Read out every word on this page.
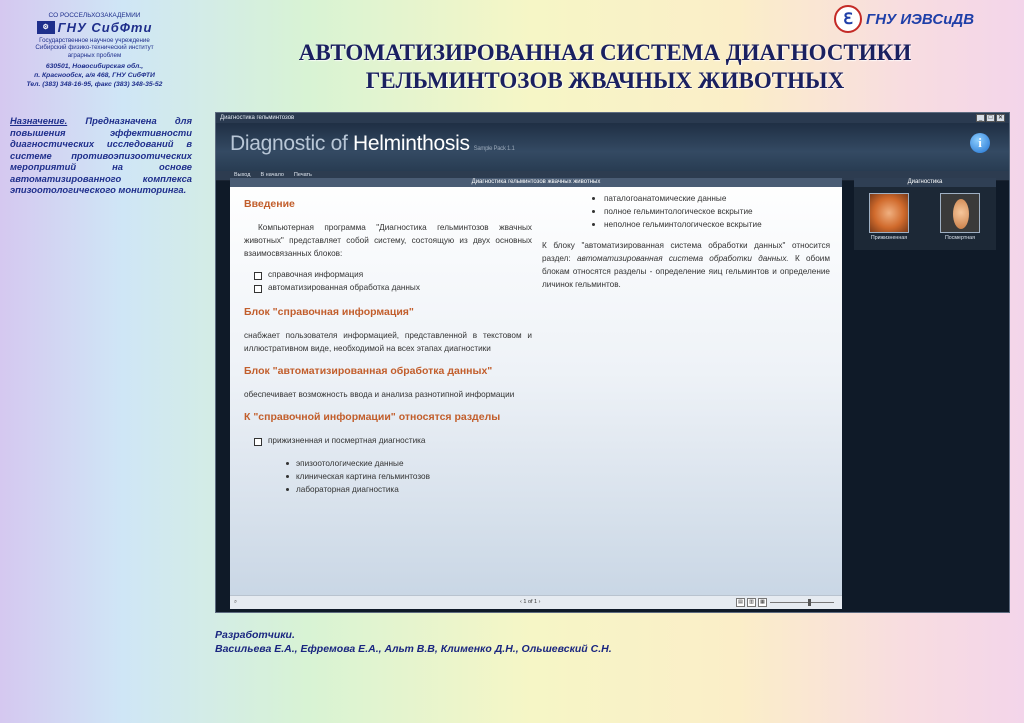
СО РОССЕЛЬХОЗАКАДЕМИИ
⚙ ГНУ СибФти
Государственное научное учреждение
Сибирский физико-технический институт
аграрных проблем
630501, Новосибирская обл.,
п. Краснообск, а/я 468, ГНУ СибФТИ
Тел. (383) 348-16-95, факс (383) 348-35-52
ℇ ГНУ ИЭВСиДВ
АВТОМАТИЗИРОВАННАЯ СИСТЕМА ДИАГНОСТИКИ
ГЕЛЬМИНТОЗОВ ЖВАЧНЫХ ЖИВОТНЫХ
Назначение. Предназначена для повышения эффективности диагностических исследований в системе противоэпизоотических мероприятий на основе автоматизированного комплекса эпизоотологического мониторинга.
Диагностика гельминтозов	_	□ ✕
Diagnostic of Helminthosis Sample Pack 1.1	i
Выход В начало Печать
Диагностика гельминтозов жвачных животных
Введение
Компьютерная программа "Диагностика гельминтозов жвачных животных" представляет собой систему, состоящую из двух основных взаимосвязанных блоков:
справочная информация
автоматизированная обработка данных
Блок "справочная информация"
снабжает пользователя информацией, представленной в текстовом и иллюстративном виде, необходимой на всех этапах диагностики
Блок "автоматизированная обработка данных"
обеспечивает возможность ввода и анализа разнотипной информации
К "справочной информации" относятся разделы
прижизненная и посмертная диагностика
эпизоотологические данные
клиническая картина гельминтозов
лабораторная диагностика
паталогоанатомические данные
полное гельминтологическое вскрытие
неполное гельминтологическое вскрытие
К блоку "автоматизированная система обработки данных" относится раздел: автоматизированная система обработки данных. К обоим блокам относятся разделы - определение яиц гельминтов и определение личинок гельминтов.
⌕	‹ 1 of 1 ›	▤	▥	▦
Диагностика
Прижизненная	Посмертная
Разработчики.
Васильева Е.А., Ефремова Е.А., Альт В.В, Клименко Д.Н., Ольшевский С.Н.
